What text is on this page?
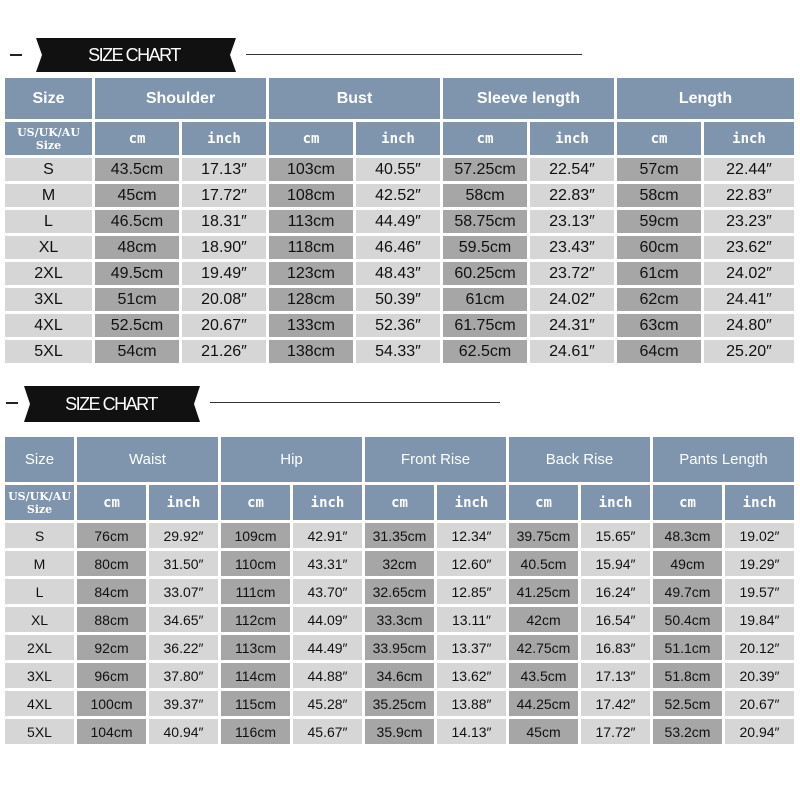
SIZE CHART
Size	Shoulder	Bust	Sleeve length	Length
US/UK/AU
Size	cm	inch	cm	inch	cm	inch	cm	inch
S	43.5cm	17.13″	103cm	40.55″	57.25cm	22.54″	57cm	22.44″
M	45cm	17.72″	108cm	42.52″	58cm	22.83″	58cm	22.83″
L	46.5cm	18.31″	113cm	44.49″	58.75cm	23.13″	59cm	23.23″
XL	48cm	18.90″	118cm	46.46″	59.5cm	23.43″	60cm	23.62″
2XL	49.5cm	19.49″	123cm	48.43″	60.25cm	23.72″	61cm	24.02″
3XL	51cm	20.08″	128cm	50.39″	61cm	24.02″	62cm	24.41″
4XL	52.5cm	20.67″	133cm	52.36″	61.75cm	24.31″	63cm	24.80″
5XL	54cm	21.26″	138cm	54.33″	62.5cm	24.61″	64cm	25.20″
SIZE CHART
Size	Waist	Hip	Front Rise	Back Rise	Pants Length
US/UK/AU
Size	cm	inch	cm	inch	cm	inch	cm	inch	cm	inch
S	76cm	29.92″	109cm	42.91″	31.35cm	12.34″	39.75cm	15.65″	48.3cm	19.02″
M	80cm	31.50″	110cm	43.31″	32cm	12.60″	40.5cm	15.94″	49cm	19.29″
L	84cm	33.07″	111cm	43.70″	32.65cm	12.85″	41.25cm	16.24″	49.7cm	19.57″
XL	88cm	34.65″	112cm	44.09″	33.3cm	13.11″	42cm	16.54″	50.4cm	19.84″
2XL	92cm	36.22″	113cm	44.49″	33.95cm	13.37″	42.75cm	16.83″	51.1cm	20.12″
3XL	96cm	37.80″	114cm	44.88″	34.6cm	13.62″	43.5cm	17.13″	51.8cm	20.39″
4XL	100cm	39.37″	115cm	45.28″	35.25cm	13.88″	44.25cm	17.42″	52.5cm	20.67″
5XL	104cm	40.94″	116cm	45.67″	35.9cm	14.13″	45cm	17.72″	53.2cm	20.94″
